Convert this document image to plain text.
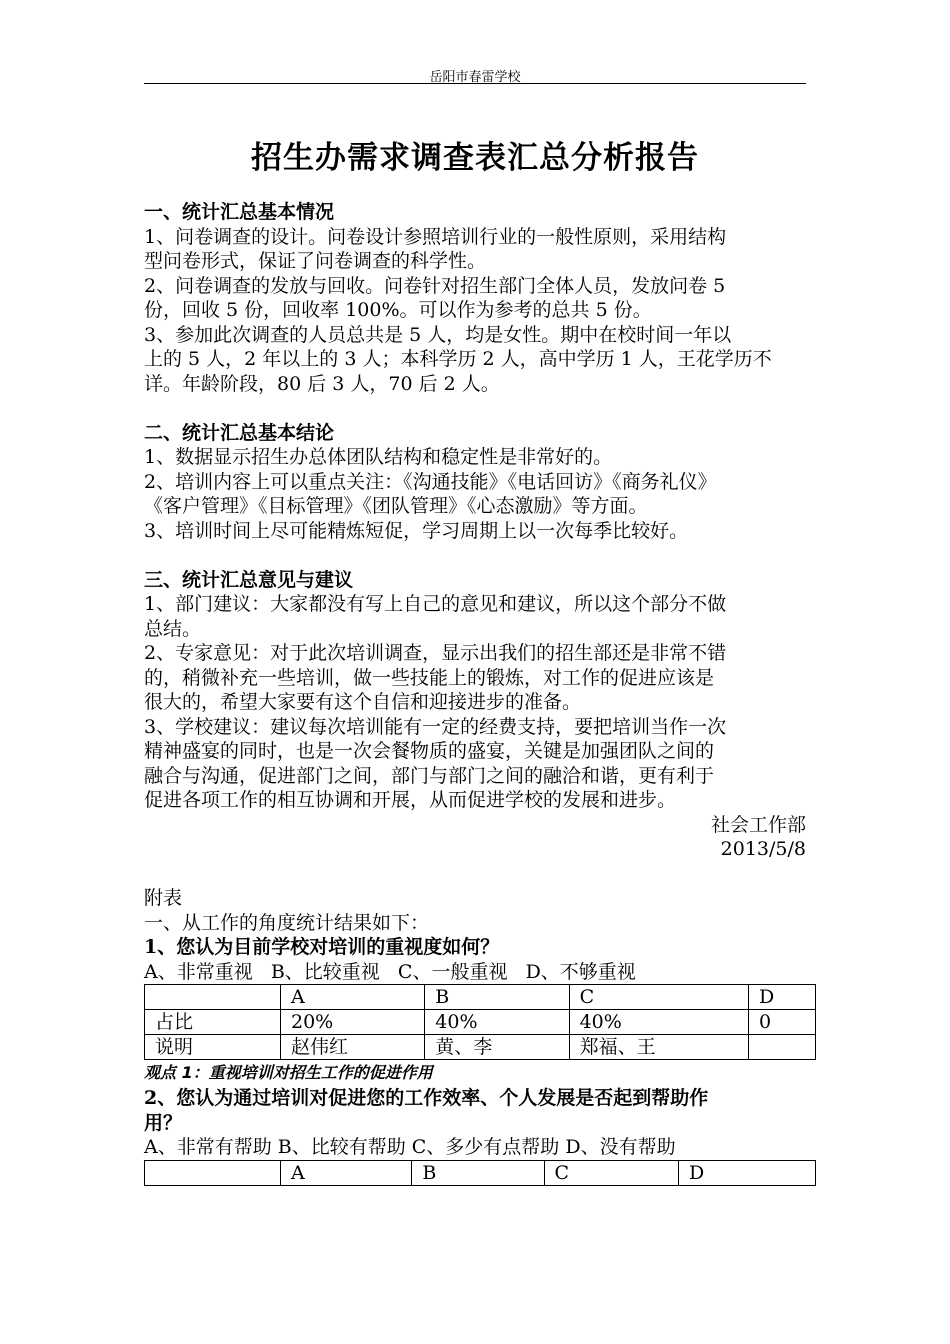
岳阳市春雷学校
招生办需求调查表汇总分析报告

一、统计汇总基本情况

1、问卷调查的设计。问卷设计参照培训行业的一般性原则，采用结构

型问卷形式，保证了问卷调查的科学性。

2、问卷调查的发放与回收。问卷针对招生部门全体人员，发放问卷 5

份，回收 5 份，回收率 100%。可以作为参考的总共 5 份。

3、参加此次调查的人员总共是 5 人，均是女性。期中在校时间一年以

上的 5 人，2 年以上的 3 人；本科学历 2 人，高中学历 1 人，王花学历不

详。年龄阶段，80 后 3 人，70 后 2 人。

二、统计汇总基本结论

1、数据显示招生办总体团队结构和稳定性是非常好的。

2、培训内容上可以重点关注：《沟通技能》《电话回访》《商务礼仪》

《客户管理》《目标管理》《团队管理》《心态激励》等方面。

3、培训时间上尽可能精炼短促，学习周期上以一次每季比较好。

三、统计汇总意见与建议

1、部门建议：大家都没有写上自己的意见和建议，所以这个部分不做

总结。

2、专家意见：对于此次培训调查，显示出我们的招生部还是非常不错

的，稍微补充一些培训，做一些技能上的锻炼，对工作的促进应该是

很大的，希望大家要有这个自信和迎接进步的准备。

3、学校建议：建议每次培训能有一定的经费支持，要把培训当作一次

精神盛宴的同时，也是一次会餐物质的盛宴，关键是加强团队之间的

融合与沟通，促进部门之间，部门与部门之间的融洽和谐，更有利于

促进各项工作的相互协调和开展，从而促进学校的发展和进步。

社会工作部

2013/5/8

附表

一、从工作的角度统计结果如下：

1、您认为目前学校对培训的重视度如何？

A、非常重视   B、比较重视   C、一般重视   D、不够重视

	A	B	C	D
占比	20%	40%	40%	0
说明	赵伟红	黄、李	郑福、王	

观点 1：重视培训对招生工作的促进作用

2、您认为通过培训对促进您的工作效率、个人发展是否起到帮助作

用？

A、非常有帮助 B、比较有帮助 C、多少有点帮助 D、没有帮助

	A	B	C	D
